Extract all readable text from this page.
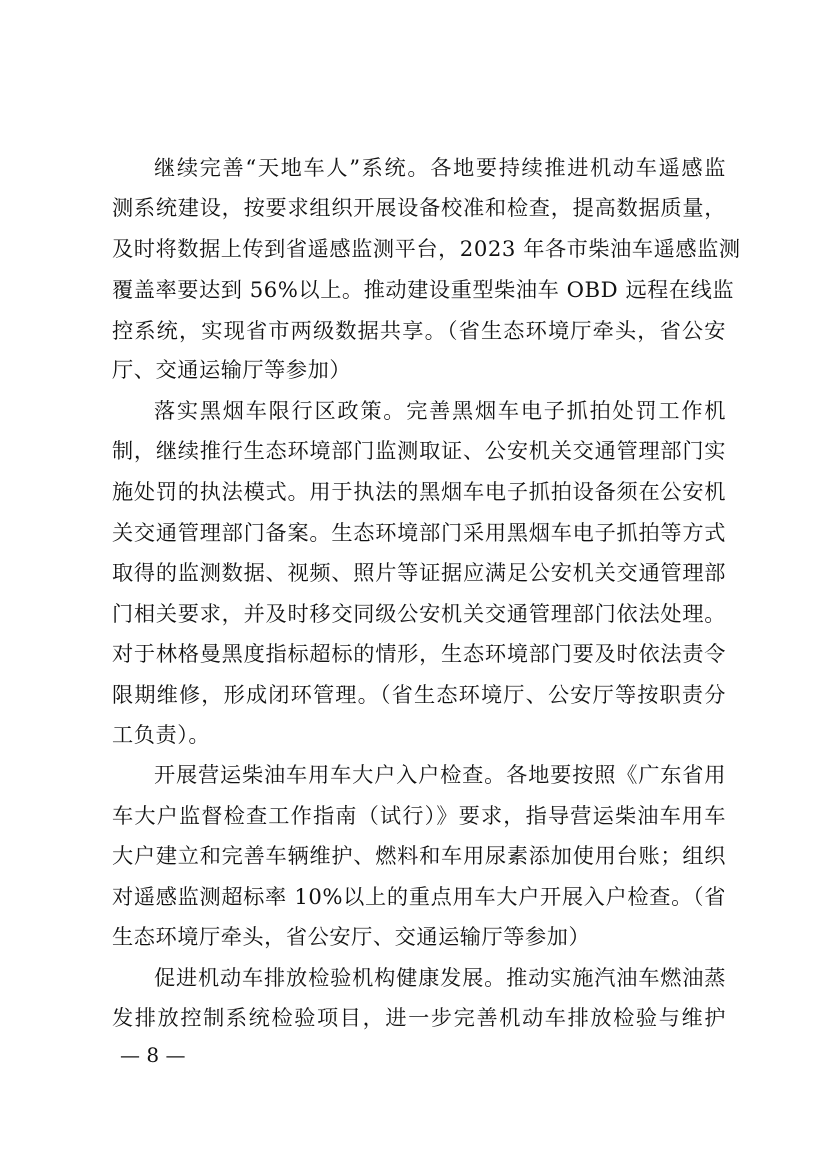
继续完善“天地车人”系统。各地要持续推进机动车遥感监
测系统建设，按要求组织开展设备校准和检查，提高数据质量，
及时将数据上传到省遥感监测平台，2023 年各市柴油车遥感监测
覆盖率要达到 56%以上。推动建设重型柴油车 OBD 远程在线监
控系统，实现省市两级数据共享。（省生态环境厅牵头，省公安
厅、交通运输厅等参加）
落实黑烟车限行区政策。完善黑烟车电子抓拍处罚工作机
制，继续推行生态环境部门监测取证、公安机关交通管理部门实
施处罚的执法模式。用于执法的黑烟车电子抓拍设备须在公安机
关交通管理部门备案。生态环境部门采用黑烟车电子抓拍等方式
取得的监测数据、视频、照片等证据应满足公安机关交通管理部
门相关要求，并及时移交同级公安机关交通管理部门依法处理。
对于林格曼黑度指标超标的情形，生态环境部门要及时依法责令
限期维修，形成闭环管理。（省生态环境厅、公安厅等按职责分
工负责）。
开展营运柴油车用车大户入户检查。各地要按照《广东省用
车大户监督检查工作指南（试行）》要求，指导营运柴油车用车
大户建立和完善车辆维护、燃料和车用尿素添加使用台账；组织
对遥感监测超标率 10%以上的重点用车大户开展入户检查。（省
生态环境厅牵头，省公安厅、交通运输厅等参加）
促进机动车排放检验机构健康发展。推动实施汽油车燃油蒸
发排放控制系统检验项目，进一步完善机动车排放检验与维护
— 8 —
